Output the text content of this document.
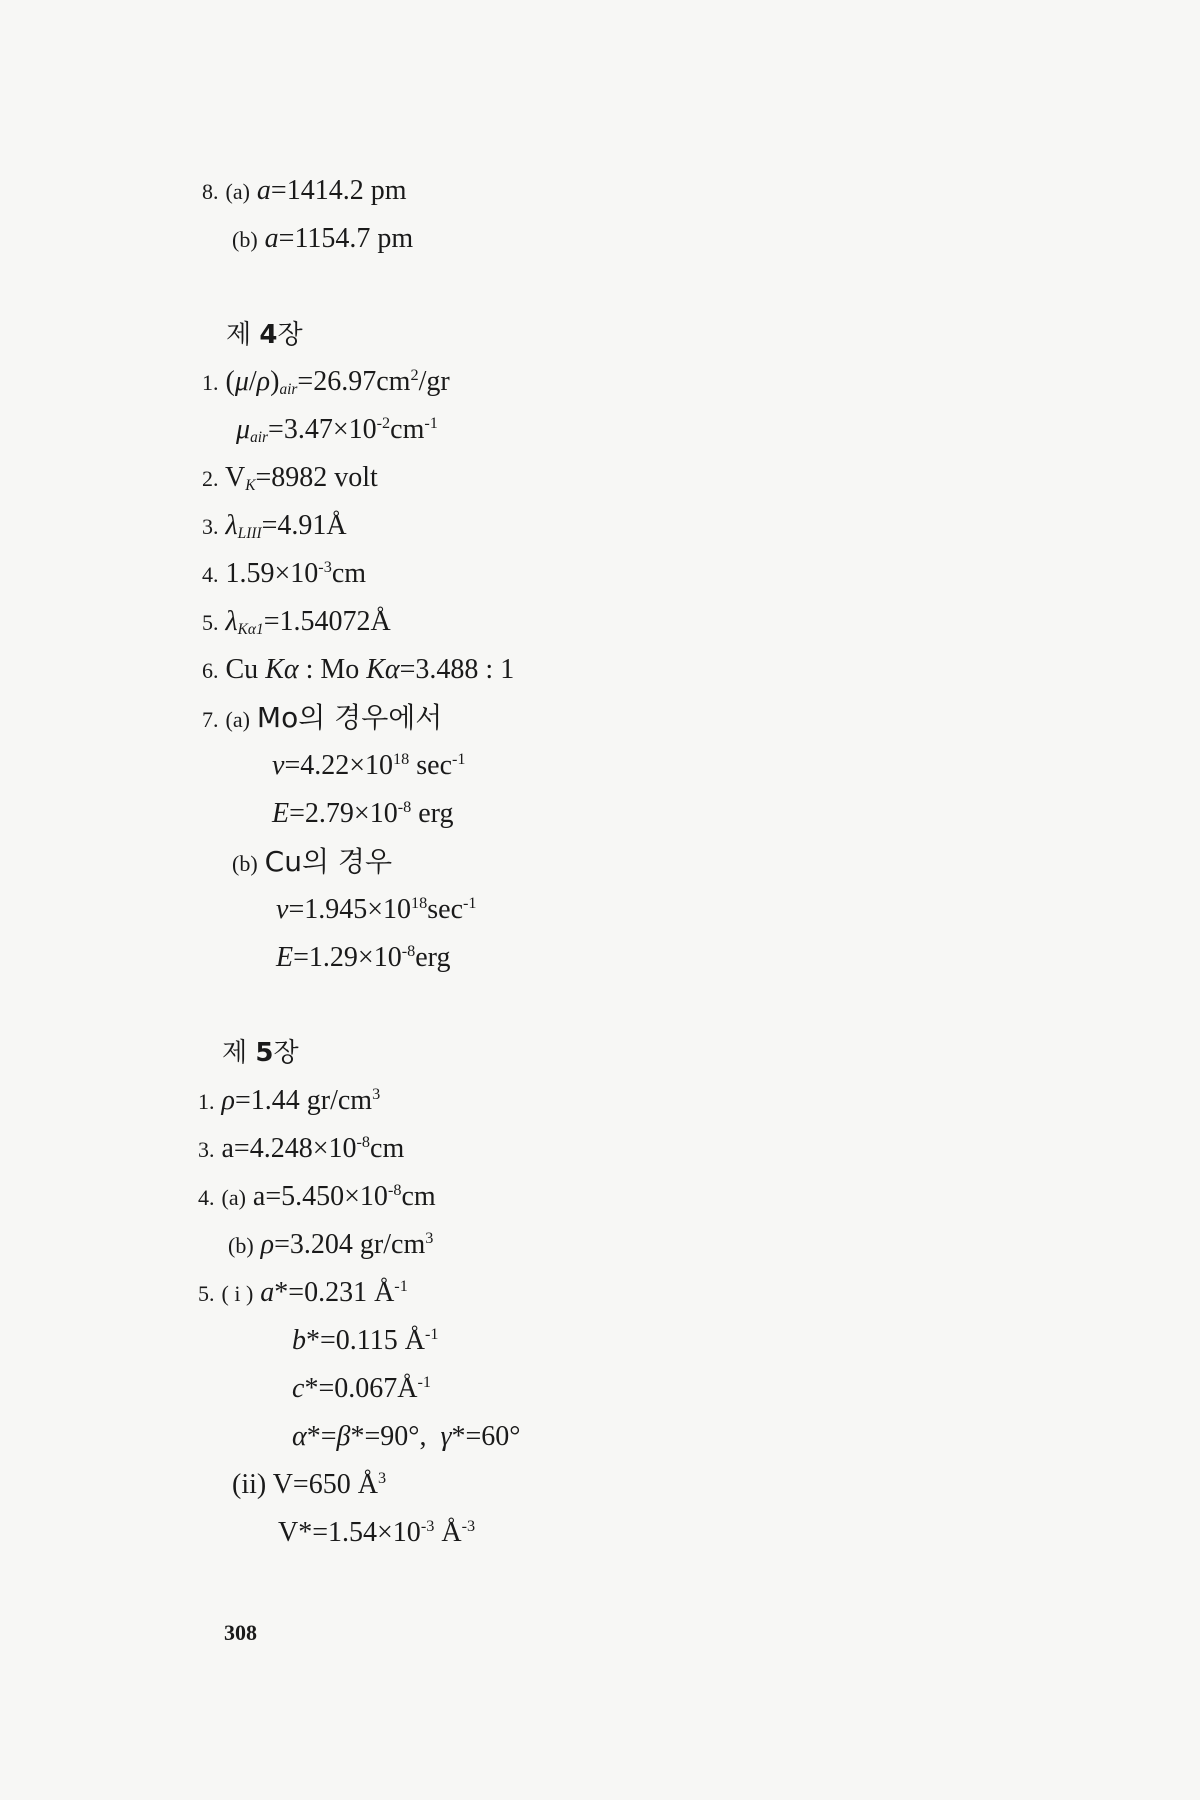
8. (a) a=1414.2 pm
(b) a=1154.7 pm
제 4장
1. $(\mu/\rho)_{air}=26.97cm^2/gr$
$\mu_{air}=3.47\times 10^{-2}cm^{-1}$
2. $V_K=8982$ volt
3. $\lambda_{LIII}=4.91Å$
4. $1.59\times 10^{-3}cm$
5. $\lambda_{K\alpha 1}=1.54072Å$
6. Cu Kα : Mo Kα=3.488 : 1
7. (a) Mo의 경우에서
$\nu=4.22\times 10^{18}$ $\sec^{-1}$
$E=2.79\times 10^{-8}$ erg
(b) Cu의 경우
$\nu=1.945\times 10^{18}\sec^{-1}$
$E=1.29\times 10^{-8}erg$
제 5장
1. ρ=1.44 $gr/cm^3$
3. $a=4.248\times 10^{-8}cm$
4. (a) $a=5.450\times 10^{-8}cm$
(b) ρ=3.204 $gr/cm^3$
5. ( i ) a*=0.231 $Å^{-1}$
b*=0.115 $Å^{-1}$
$c*=0.067Å^{-1}$
α*=β*=90°, γ*=60°
(ii) V=650 $Å^3$
$V*=1.54\times 10^{-3}$ $Å^{-3}$
308
